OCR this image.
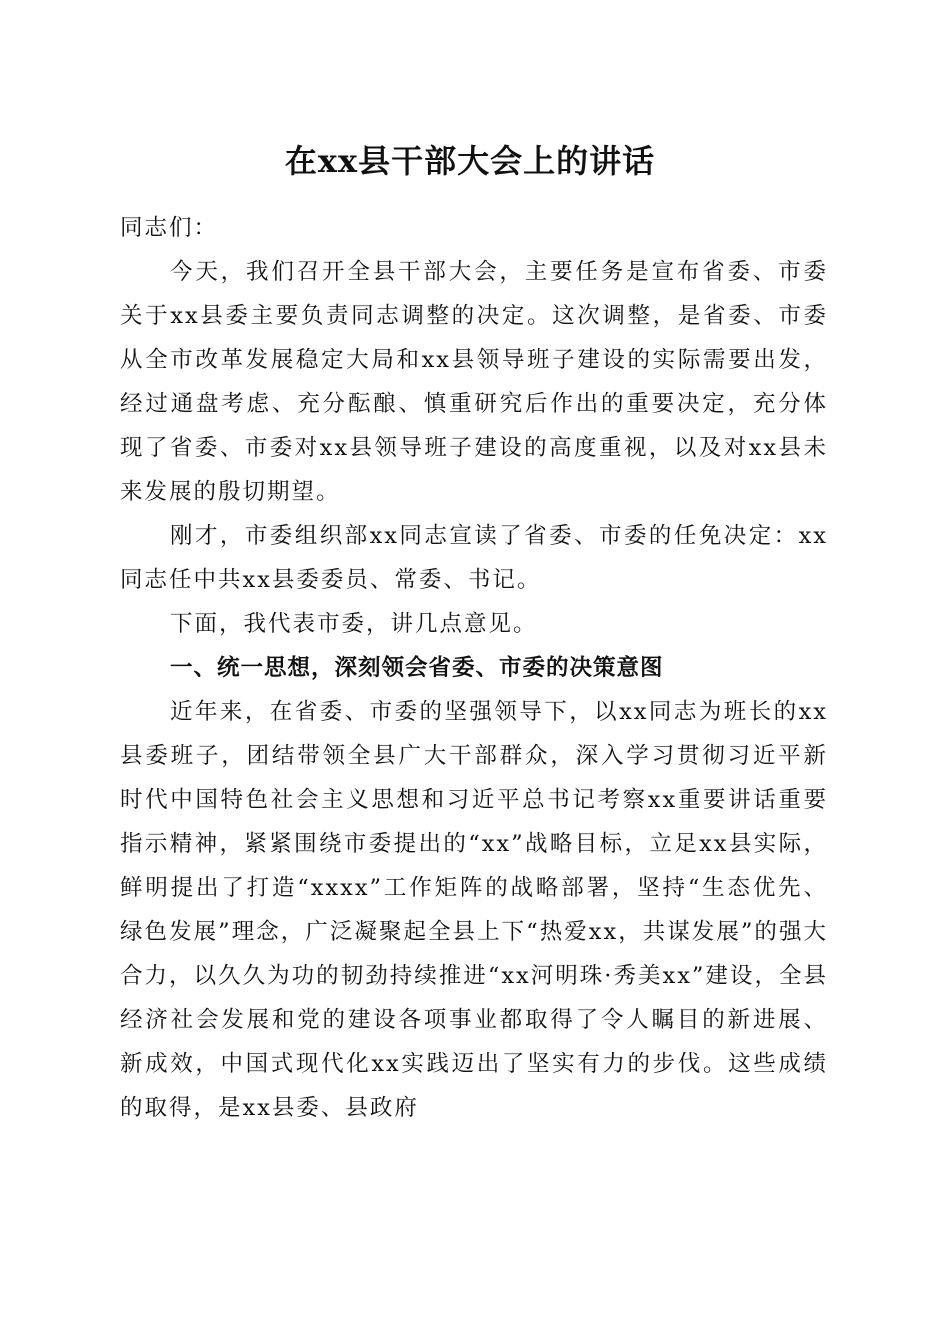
在xx县干部大会上的讲话

同志们：

今天，我们召开全县干部大会，主要任务是宣布省委、市委关于xx县委主要负责同志调整的决定。这次调整，是省委、市委从全市改革发展稳定大局和xx县领导班子建设的实际需要出发，经过通盘考虑、充分酝酿、慎重研究后作出的重要决定，充分体现了省委、市委对xx县领导班子建设的高度重视，以及对xx县未来发展的殷切期望。

刚才，市委组织部xx同志宣读了省委、市委的任免决定：xx同志任中共xx县委委员、常委、书记。

下面，我代表市委，讲几点意见。

一、统一思想，深刻领会省委、市委的决策意图

近年来，在省委、市委的坚强领导下，以xx同志为班长的xx县委班子，团结带领全县广大干部群众，深入学习贯彻习近平新时代中国特色社会主义思想和习近平总书记考察xx重要讲话重要指示精神，紧紧围绕市委提出的“xx”战略目标，立足xx县实际，鲜明提出了打造“xxxx”工作矩阵的战略部署，坚持“生态优先、绿色发展”理念，广泛凝聚起全县上下“热爱xx，共谋发展”的强大合力，以久久为功的韧劲持续推进“xx河明珠·秀美xx”建设，全县经济社会发展和党的建设各项事业都取得了令人瞩目的新进展、新成效，中国式现代化xx实践迈出了坚实有力的步伐。这些成绩的取得，是xx县委、县政府
